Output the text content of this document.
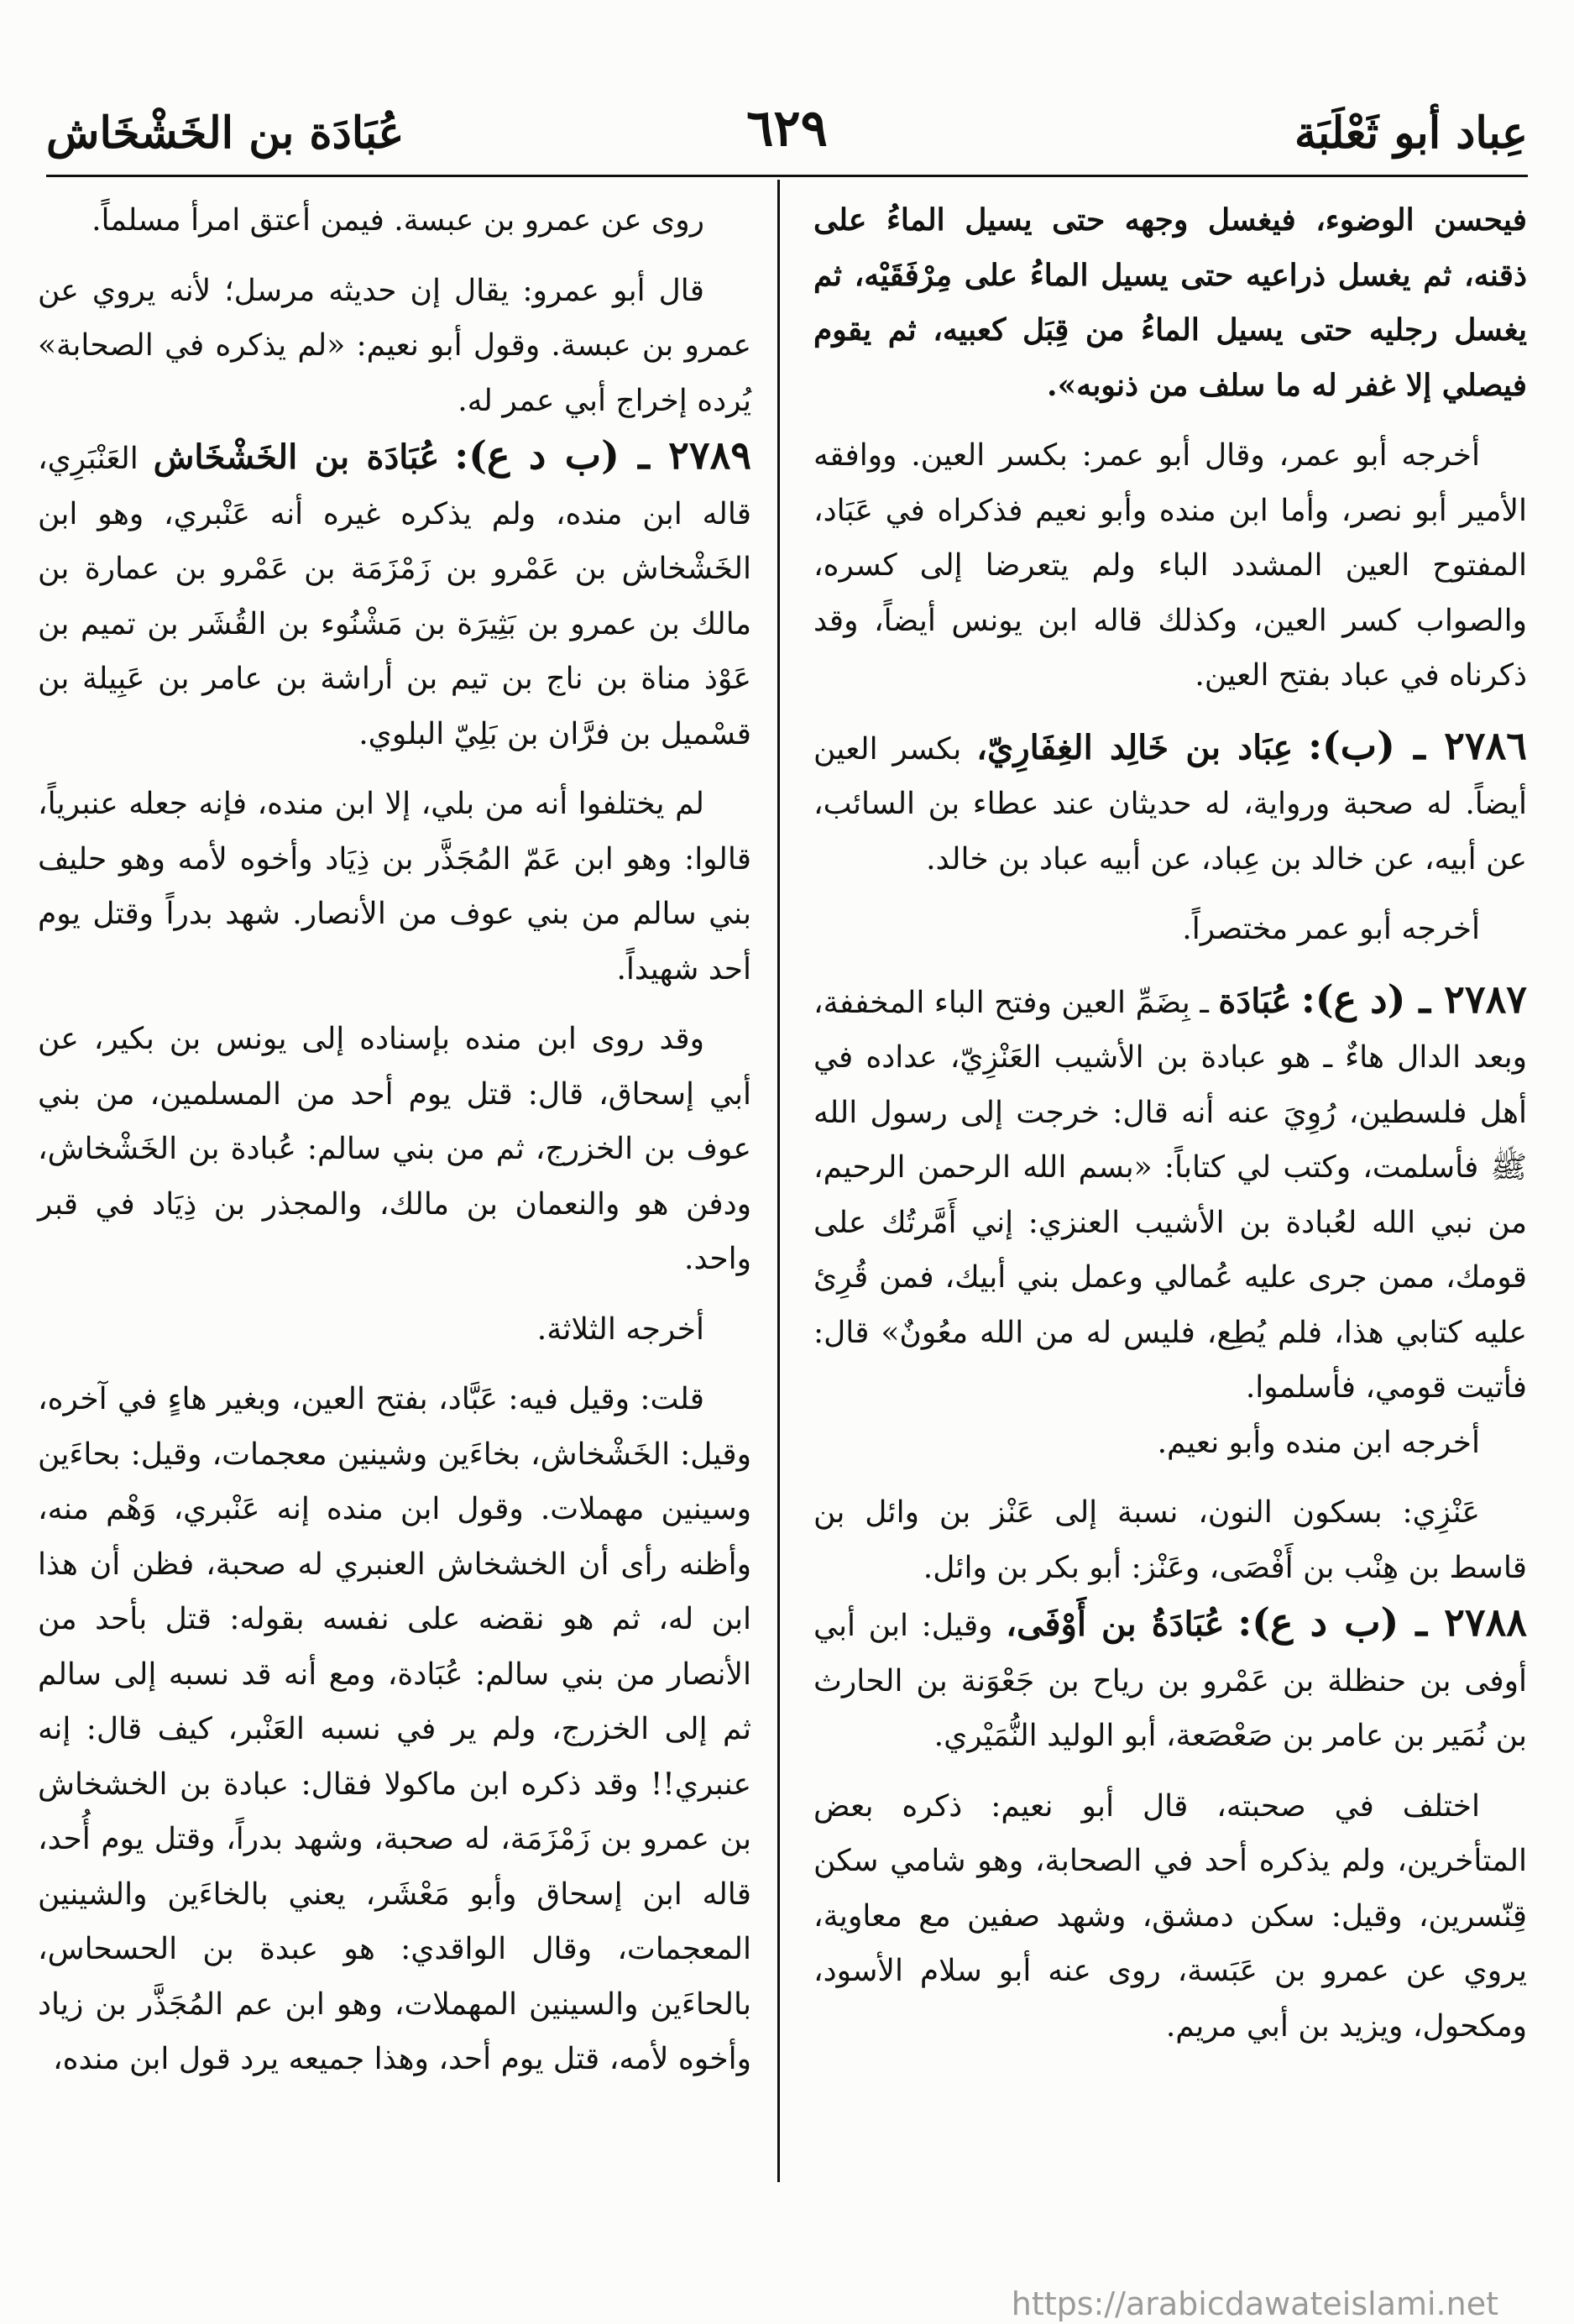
عِباد أبو ثَعْلَبَة
٦٢٩
عُبَادَة بن الخَشْخَاش

فيحسن الوضوء، فيغسل وجهه حتى يسيل الماءُ على ذقنه، ثم يغسل ذراعيه حتى يسيل الماءُ على مِرْفَقَيْه، ثم يغسل رجليه حتى يسيل الماءُ من قِبَل كعبيه، ثم يقوم فيصلي إلا غفر له ما سلف من ذنوبه».

أخرجه أبو عمر، وقال أبو عمر: بكسر العين. ووافقه الأمير أبو نصر، وأما ابن منده وأبو نعيم فذكراه في عَبَاد، المفتوح العين المشدد الباء ولم يتعرضا إلى كسره، والصواب كسر العين، وكذلك قاله ابن يونس أيضاً، وقد ذكرناه في عباد بفتح العين.

٢٧٨٦ ـ (ب): عِبَاد بن خَالِد الغِفَارِيّ، بكسر العين أيضاً. له صحبة ورواية، له حديثان عند عطاء بن السائب، عن أبيه، عن خالد بن عِباد، عن أبيه عباد بن خالد.

أخرجه أبو عمر مختصراً.

٢٧٨٧ ـ (د ع): عُبَادَة ـ بِضَمِّ العين وفتح الباء المخففة، وبعد الدال هاءٌ ـ هو عبادة بن الأشيب العَنْزِيّ، عداده في أهل فلسطين، رُوِيَ عنه أنه قال: خرجت إلى رسول الله ﷺ فأسلمت، وكتب لي كتاباً: «بسم الله الرحمن الرحيم، من نبي الله لعُبادة بن الأشيب العنزي: إني أَمَّرتُك على قومك، ممن جرى عليه عُمالي وعمل بني أبيك، فمن قُرِئ عليه كتابي هذا، فلم يُطِع، فليس له من الله معُونٌ» قال: فأتيت قومي، فأسلموا.

أخرجه ابن منده وأبو نعيم.

عَنْزِي: بسكون النون، نسبة إلى عَنْز بن وائل بن قاسط بن هِنْب بن أَفْصَى، وعَنْز: أبو بكر بن وائل.

٢٧٨٨ ـ (ب د ع): عُبَادَةُ بن أَوْفَى، وقيل: ابن أبي أوفى بن حنظلة بن عَمْرو بن رياح بن جَعْوَنة بن الحارث بن نُمَير بن عامر بن صَعْصَعة، أبو الوليد النُّمَيْري.

اختلف في صحبته، قال أبو نعيم: ذكره بعض المتأخرين، ولم يذكره أحد في الصحابة، وهو شامي سكن قِنّسرين، وقيل: سكن دمشق، وشهد صفين مع معاوية، يروي عن عمرو بن عَبَسة، روى عنه أبو سلام الأسود، ومكحول، ويزيد بن أبي مريم.

روى عن عمرو بن عبسة. فيمن أعتق امرأ مسلماً.

قال أبو عمرو: يقال إن حديثه مرسل؛ لأنه يروي عن عمرو بن عبسة. وقول أبو نعيم: «لم يذكره في الصحابة» يُرده إخراج أبي عمر له.

٢٧٨٩ ـ (ب د ع): عُبَادَة بن الخَشْخَاش العَنْبَرِي، قاله ابن منده، ولم يذكره غيره أنه عَنْبري، وهو ابن الخَشْخاش بن عَمْرو بن زَمْزَمَة بن عَمْرو بن عمارة بن مالك بن عمرو بن بَثِيرَة بن مَشْنُوء بن القُشَر بن تميم بن عَوْذ مناة بن ناج بن تيم بن أراشة بن عامر بن عَبِيلة بن قسْميل بن فرَّان بن بَلِيّ البلوي.

لم يختلفوا أنه من بلي، إلا ابن منده، فإنه جعله عنبرياً، قالوا: وهو ابن عَمّ المُجَذَّر بن ذِيَاد وأخوه لأمه وهو حليف بني سالم من بني عوف من الأنصار. شهد بدراً وقتل يوم أحد شهيداً.

وقد روى ابن منده بإسناده إلى يونس بن بكير، عن أبي إسحاق، قال: قتل يوم أحد من المسلمين، من بني عوف بن الخزرج، ثم من بني سالم: عُبادة بن الخَشْخاش، ودفن هو والنعمان بن مالك، والمجذر بن ذِيَاد في قبر واحد.

أخرجه الثلاثة.

قلت: وقيل فيه: عَبَّاد، بفتح العين، وبغير هاءٍ في آخره، وقيل: الخَشْخاش، بخاءَين وشينين معجمات، وقيل: بحاءَين وسينين مهملات. وقول ابن منده إنه عَنْبري، وَهْم منه، وأظنه رأى أن الخشخاش العنبري له صحبة، فظن أن هذا ابن له، ثم هو نقضه على نفسه بقوله: قتل بأحد من الأنصار من بني سالم: عُبَادة، ومع أنه قد نسبه إلى سالم ثم إلى الخزرج، ولم ير في نسبه العَنْبر، كيف قال: إنه عنبري!! وقد ذكره ابن ماكولا فقال: عبادة بن الخشخاش بن عمرو بن زَمْزَمَة، له صحبة، وشهد بدراً، وقتل يوم أُحد، قاله ابن إسحاق وأبو مَعْشَر، يعني بالخاءَين والشينين المعجمات، وقال الواقدي: هو عبدة بن الحسحاس، بالحاءَين والسينين المهملات، وهو ابن عم المُجَذَّر بن زياد وأخوه لأمه، قتل يوم أحد، وهذا جميعه يرد قول ابن منده،

https://arabicdawateislami.net
